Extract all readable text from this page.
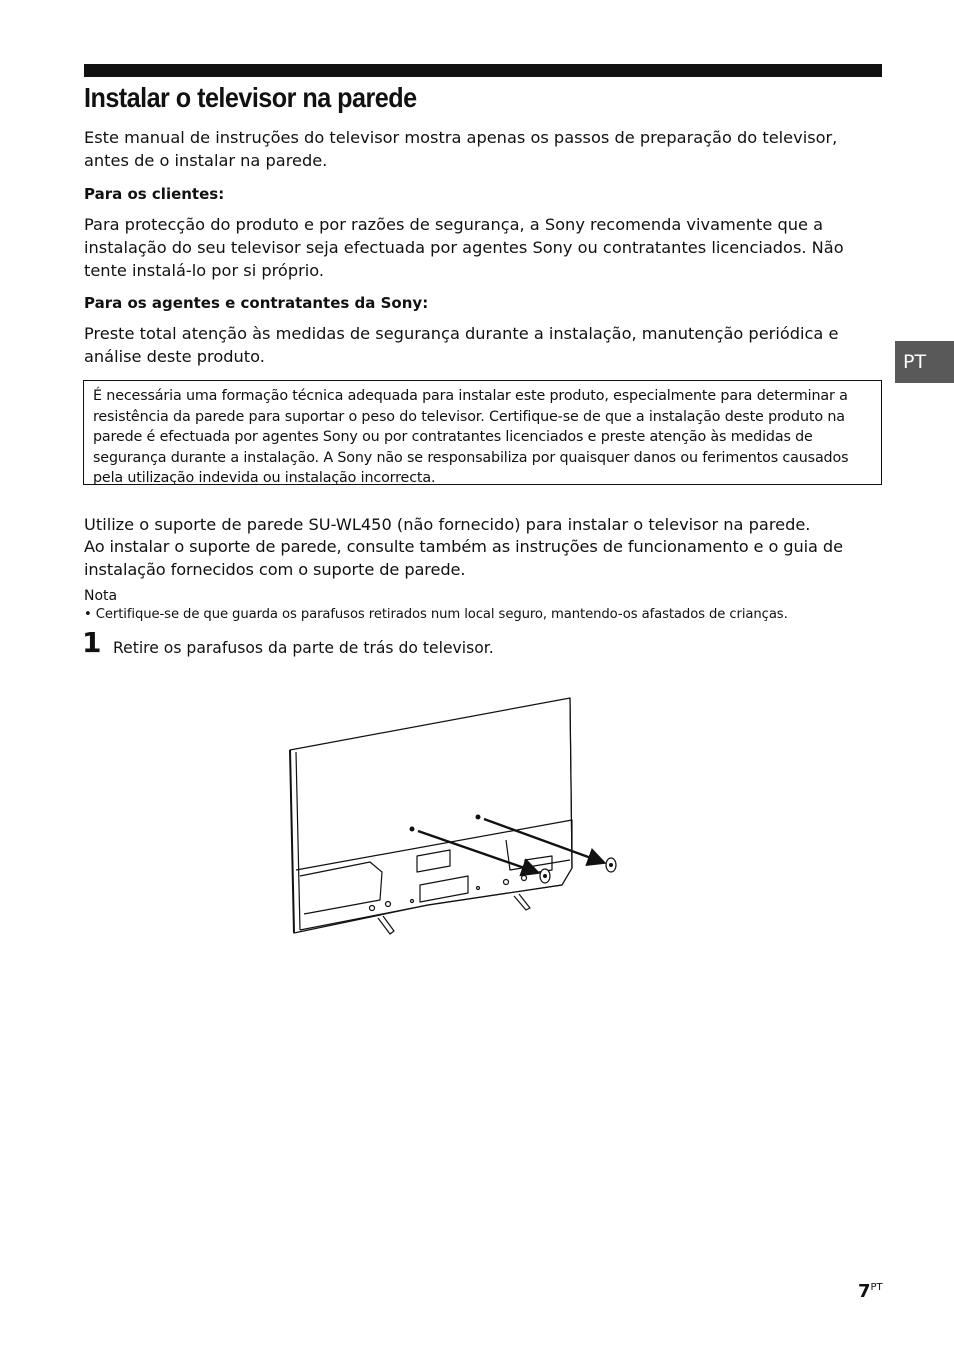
Instalar o televisor na parede

Este manual de instruções do televisor mostra apenas os passos de preparação do televisor, antes de o instalar na parede.

Para os clientes:

Para protecção do produto e por razões de segurança, a Sony recomenda vivamente que a instalação do seu televisor seja efectuada por agentes Sony ou contratantes licenciados. Não tente instalá-lo por si próprio.

Para os agentes e contratantes da Sony:

Preste total atenção às medidas de segurança durante a instalação, manutenção periódica e análise deste produto.

É necessária uma formação técnica adequada para instalar este produto, especialmente para determinar a resistência da parede para suportar o peso do televisor. Certifique-se de que a instalação deste produto na parede é efectuada por agentes Sony ou por contratantes licenciados e preste atenção às medidas de segurança durante a instalação. A Sony não se responsabiliza por quaisquer danos ou ferimentos causados pela utilização indevida ou instalação incorrecta.

Utilize o suporte de parede SU-WL450 (não fornecido) para instalar o televisor na parede.

Ao instalar o suporte de parede, consulte também as instruções de funcionamento e o guia de instalação fornecidos com o suporte de parede.

Nota
• Certifique-se de que guarda os parafusos retirados num local seguro, mantendo-os afastados de crianças.
1 Retire os parafusos da parte de trás do televisor.
PT
$7^{PT}$
